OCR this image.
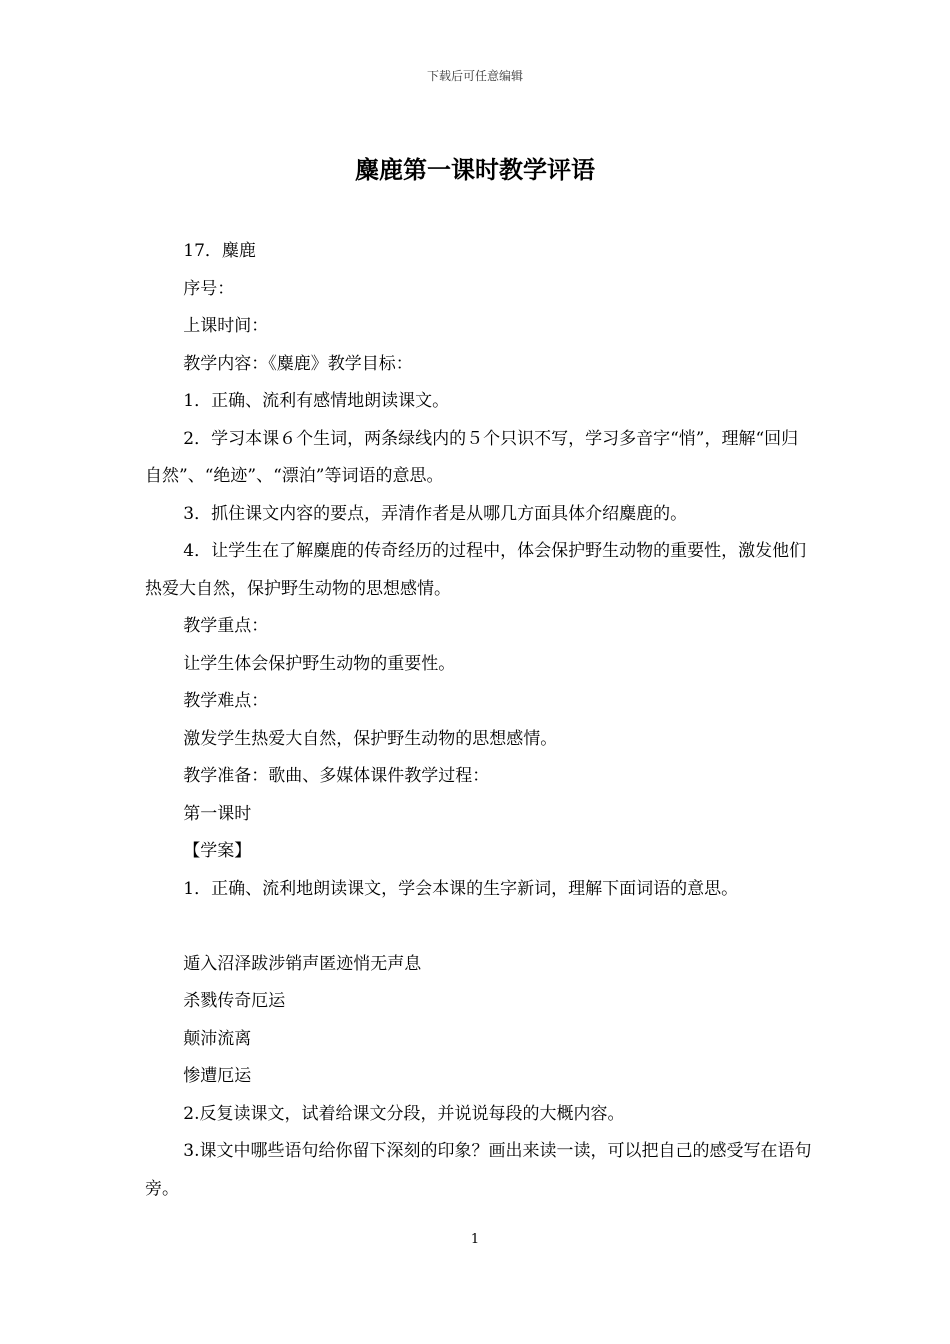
下载后可任意编辑
麋鹿第一课时教学评语

17．麋鹿

序号：

上课时间：

教学内容：《麋鹿》教学目标：

1．正确、流利有感情地朗读课文。

2．学习本课６个生词，两条绿线内的５个只识不写，学习多音字“悄”，理解“回归自然”、“绝迹”、“漂泊”等词语的意思。

3．抓住课文内容的要点，弄清作者是从哪几方面具体介绍麋鹿的。

4．让学生在了解麋鹿的传奇经历的过程中，体会保护野生动物的重要性，激发他们热爱大自然，保护野生动物的思想感情。

教学重点：

让学生体会保护野生动物的重要性。

教学难点：

激发学生热爱大自然，保护野生动物的思想感情。

教学准备：歌曲、多媒体课件教学过程：

第一课时

【学案】

1．正确、流利地朗读课文，学会本课的生字新词，理解下面词语的意思。

遁入沼泽跋涉销声匿迹悄无声息

杀戮传奇厄运

颠沛流离

惨遭厄运

2.反复读课文，试着给课文分段，并说说每段的大概内容。

3.课文中哪些语句给你留下深刻的印象？画出来读一读，可以把自己的感受写在语句旁。

1
